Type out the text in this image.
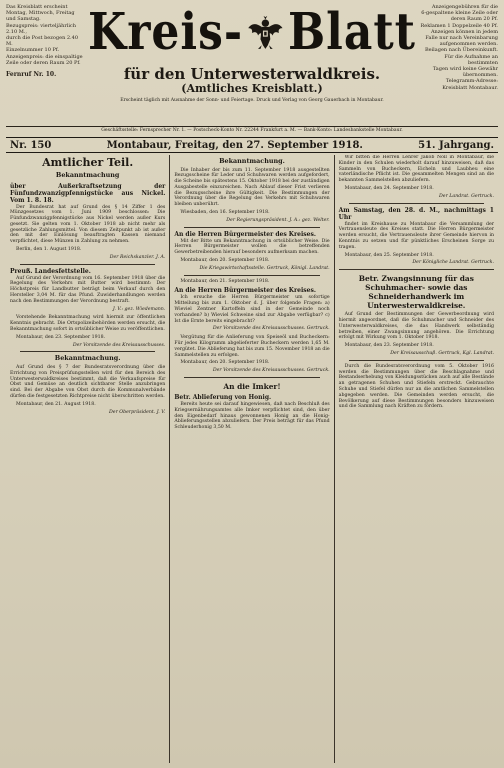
Das Kreisblatt erscheint
Montag, Mittwoch, Freitag
und Samstag.
Bezugspreis: vierteljährlich 2.10 M.,
durch die Post bezogen 2.40 M.
Einzelnummer 10 Pf.
Anzeigenpreis: die einspaltige
Zeile oder deren Raum 20 Pf.
Fernruf Nr. 10.
Kreis- Blatt
für den Unterwesterwaldkreis.
(Amtliches Kreisblatt.)
Erscheint täglich mit Ausnahme der Sonn- und Feiertage. Druck und Verlag von Georg Gauerbach in Montabaur.
Anzeigengebühren für die
6-gespaltene kleine Zeile oder
deren Raum 20 Pf.
Reklamen 1 Doppelzeile 40 Pf.
Anzeigen können in jedem
Falle nur nach Vereinbarung
aufgenommen werden.
Beilagen nach Übereinkunft.
Für die Aufnahme an bestimmten
Tagen wird keine Gewähr
übernommen.
Telegramm-Adresse:
Kreisblatt Montabaur.
Geschäftsstelle: Fernsprecher Nr. 1. — Postscheck-Konto Nr. 22244 Frankfurt a. M. — Bank-Konto: Landesbankstelle Montabaur.
Nr. 150	Montabaur, Freitag, den 27. September 1918.	51. Jahrgang.
Amtlicher Teil.
Bekanntmachung
über Außerkraftsetzung der Fünfundzwanzigpfennigstücke aus Nickel. Vom 1. 8. 18.

Der Bundesrat hat auf Grund des § 14 Ziffer 1 des Münzgesetzes vom 1. Juni 1909 beschlossen: Die Fünfundzwanzigpfennigstücke aus Nickel werden außer Kurs gesetzt. Sie gelten vom 1. Oktober 1918 ab nicht mehr als gesetzliche Zahlungsmittel. Von diesem Zeitpunkt ab ist außer den mit der Einlösung beauftragten Kassen niemand verpflichtet, diese Münzen in Zahlung zu nehmen.

Berlin, den 1. August 1918.

Der Reichskanzler. J. A.
Preuß. Landesfettstelle.

Auf Grund der Verordnung vom 16. September 1918 über die Regelung des Verkehrs mit Butter wird bestimmt: Der Höchstpreis für Landbutter beträgt beim Verkauf durch den Hersteller 3,04 M. für das Pfund. Zuwiderhandlungen werden nach den Bestimmungen der Verordnung bestraft.

J. V.: gez. Wiedemann.

Vorstehende Bekanntmachung wird hiermit zur öffentlichen Kenntnis gebracht. Die Ortspolizeibehörden werden ersucht, die Bekanntmachung sofort in ortsüblicher Weise zu veröffentlichen.

Montabaur, den 23. September 1918.

Der Vorsitzende des Kreisausschusses.
Bekanntmachung.

Auf Grund des § 7 der Bundesratsverordnung über die Errichtung von Preisprüfungsstellen wird für den Bereich des Unterwesterwaldkreises bestimmt, daß die Verkaufspreise für Obst und Gemüse an deutlich sichtbarer Stelle anzubringen sind. Bei der Abgabe von Obst durch die Kommunalverbände dürfen die festgesetzten Richtpreise nicht überschritten werden.

Montabaur, den 21. August 1918.

Der Oberpräsident. J. V.
Bekanntmachung.

Die Inhaber der bis zum 11. September 1918 ausgestellten Bezugsscheine für Leder und Schuhwaren werden aufgefordert, die Scheine bis spätestens 15. Oktober 1918 bei der zuständigen Ausgabestelle einzureichen. Nach Ablauf dieser Frist verlieren die Bezugsscheine ihre Gültigkeit. Die Bestimmungen der Verordnung über die Regelung des Verkehrs mit Schuhwaren bleiben unberührt.

Wiesbaden, den 16. September 1918.

Der Regierungspräsident. J. A.: gez. Welter.
An die Herren Bürgermeister des Kreises.

Mit der Bitte um Bekanntmachung in ortsüblicher Weise. Die Herren Bürgermeister wollen die betreffenden Gewerbetreibenden hierauf besonders aufmerksam machen.

Montabaur, den 20. September 1918.

Die Kriegswirtschaftsstelle. Gertruck, Königl. Landrat.

Montabaur, den 21. September 1918.

An die Herren Bürgermeister des Kreises.

Ich ersuche die Herren Bürgermeister um sofortige Mitteilung bis zum 1. Oktober d. J. über folgende Fragen: a) Wieviel Zentner Kartoffeln sind in der Gemeinde noch vorhanden? b) Wieviel Schweine sind zur Abgabe verfügbar? c) Ist die Ernte bereits eingebracht?

Der Vorsitzende des Kreisausschusses. Gertruck.

Vergütung für die Anlieferung von Speiseöl und Bucheckern: Für jedes Kilogramm abgelieferter Bucheckern werden 1,65 M. vergütet. Die Ablieferung hat bis zum 15. November 1918 an die Sammelstellen zu erfolgen.

Montabaur, den 20. September 1918.

Der Vorsitzende des Kreisausschusses. Gertruck.
An die Imker!
Betr. Ablieferung von Honig.

Bereits heute sei darauf hingewiesen, daß nach Beschluß des Kriegsernährungsamtes alle Imker verpflichtet sind, den über den Eigenbedarf hinaus gewonnenen Honig an die Honig-Ablieferungsstellen abzuliefern. Der Preis beträgt für das Pfund Schleuderhonig 3,50 M.

Wir bitten die Herren Lehrer Jakob Noll in Montabaur, die Kinder in den Schulen wiederholt darauf hinzuweisen, daß das Sammeln von Bucheckern, Eicheln und Laubheu eine vaterländische Pflicht ist. Die gesammelten Mengen sind an die bekannten Sammelstellen abzuliefern.

Montabaur, den 24. September 1918.

Der Landrat. Gertruck.
Am Samstag, den 28. d. M., nachmittags 1 Uhr

findet im Kreishause zu Montabaur die Versammlung der Vertrauensleute des Kreises statt. Die Herren Bürgermeister werden ersucht, die Vertrauensleute ihrer Gemeinde hiervon in Kenntnis zu setzen und für pünktliches Erscheinen Sorge zu tragen.

Montabaur, den 25. September 1918.

Der Königliche Landrat. Gertruck.
Betr. Zwangsinnung für das Schuhmacher- sowie das Schneiderhandwerk im Unterwesterwaldkreise.

Auf Grund der Bestimmungen der Gewerbeordnung wird hiermit angeordnet, daß die Schuhmacher und Schneider des Unterwesterwaldkreises, die das Handwerk selbständig betreiben, einer Zwangsinnung angehören. Die Errichtung erfolgt mit Wirkung vom 1. Oktober 1918.

Montabaur, den 23. September 1918.

Der Kreisausschuß. Gertruck, Kgl. Landrat.

Durch die Bundesratsverordnung vom 5. Oktober 1916 werden die Bestimmungen über die Beschlagnahme und Bestandserhebung von Kleidungsstücken auch auf alle Bestände an getragenen Schuhen und Stiefeln erstreckt. Gebrauchte Schuhe und Stiefel dürfen nur an die amtlichen Sammelstellen abgegeben werden. Die Gemeinden werden ersucht, die Bevölkerung auf diese Bestimmungen besonders hinzuweisen und die Sammlung nach Kräften zu fördern.
